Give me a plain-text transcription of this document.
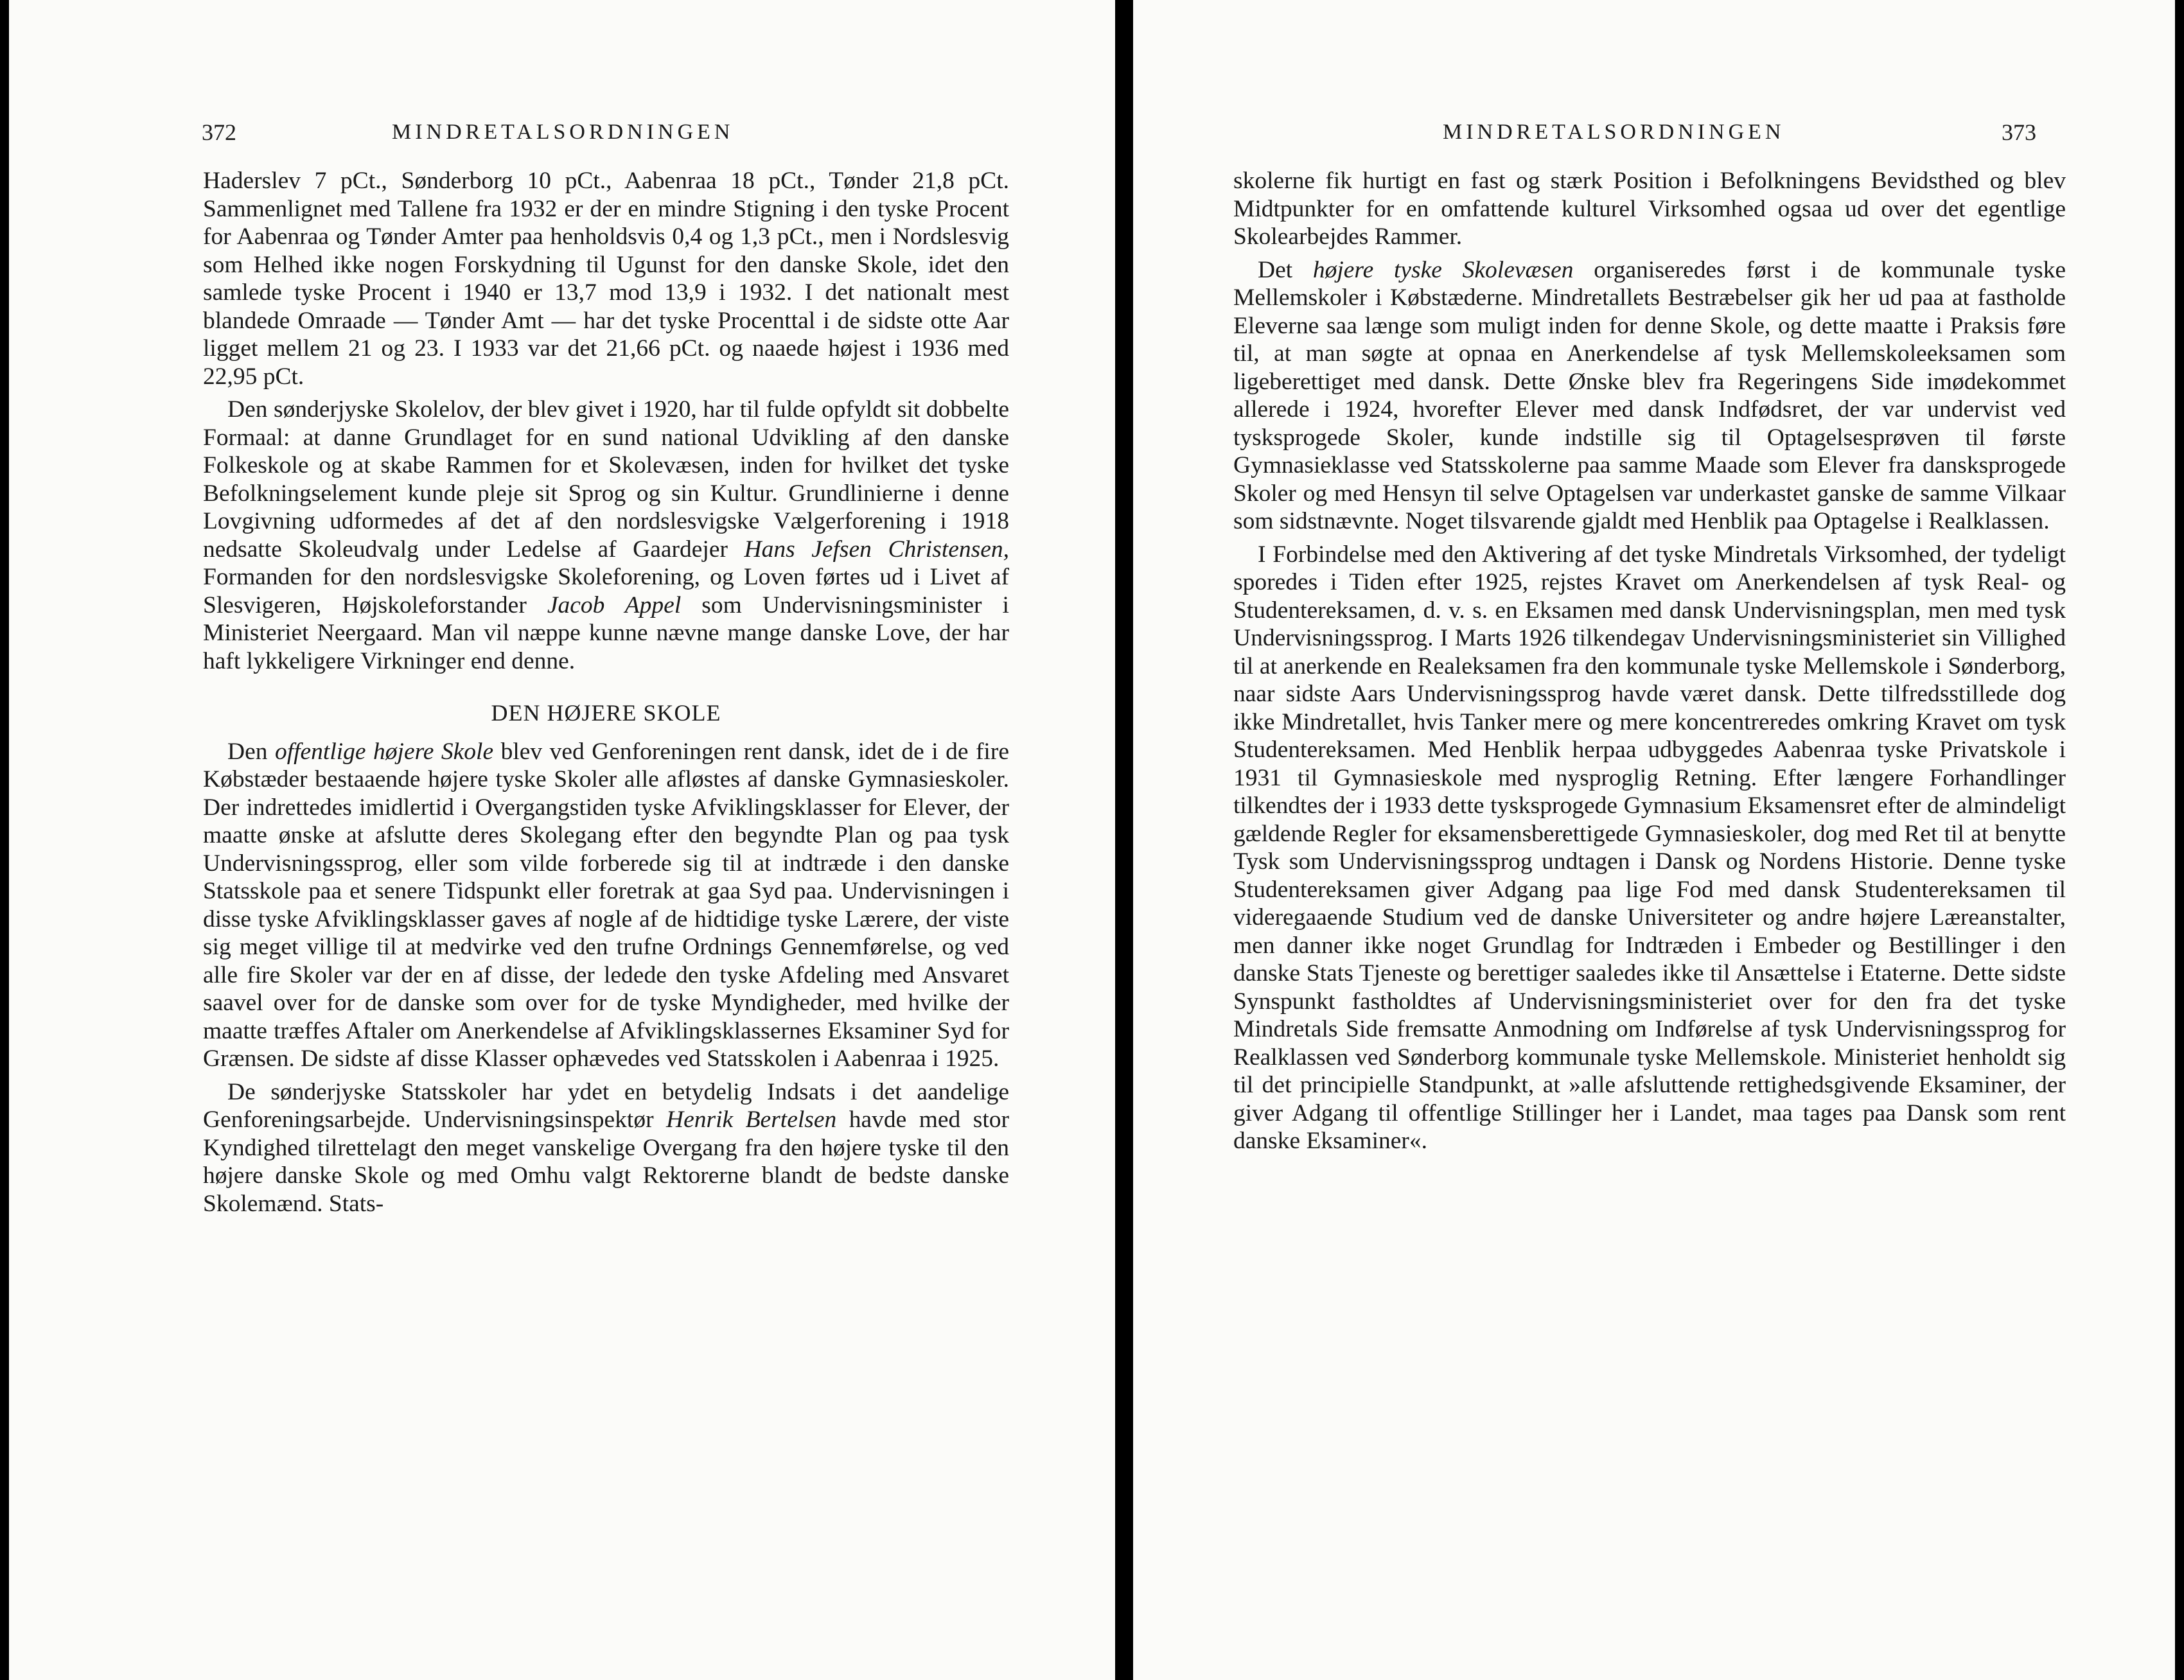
372	MINDRETALSORDNINGEN

Haderslev 7 pCt., Sønderborg 10 pCt., Aabenraa 18 pCt., Tønder 21,8 pCt. Sammenlignet med Tallene fra 1932 er der en mindre Stigning i den tyske Procent for Aabenraa og Tønder Amter paa henholdsvis 0,4 og 1,3 pCt., men i Nordslesvig som Helhed ikke nogen Forskydning til Ugunst for den danske Skole, idet den samlede tyske Procent i 1940 er 13,7 mod 13,9 i 1932. I det nationalt mest blandede Omraade — Tønder Amt — har det tyske Procenttal i de sidste otte Aar ligget mellem 21 og 23. I 1933 var det 21,66 pCt. og naaede højest i 1936 med 22,95 pCt.

Den sønderjyske Skolelov, der blev givet i 1920, har til fulde opfyldt sit dobbelte Formaal: at danne Grundlaget for en sund national Udvikling af den danske Folkeskole og at skabe Rammen for et Skolevæsen, inden for hvilket det tyske Befolkningselement kunde pleje sit Sprog og sin Kultur. Grundlinierne i denne Lovgivning udformedes af det af den nordslesvigske Vælgerforening i 1918 nedsatte Skoleudvalg under Ledelse af Gaardejer Hans Jefsen Christensen, Formanden for den nordslesvigske Skoleforening, og Loven førtes ud i Livet af Slesvigeren, Højskoleforstander Jacob Appel som Undervisningsminister i Ministeriet Neergaard. Man vil næppe kunne nævne mange danske Love, der har haft lykkeligere Virkninger end denne.

DEN HØJERE SKOLE

Den offentlige højere Skole blev ved Genforeningen rent dansk, idet de i de fire Købstæder bestaaende højere tyske Skoler alle afløstes af danske Gymnasieskoler. Der indrettedes imidlertid i Overgangstiden tyske Afviklingsklasser for Elever, der maatte ønske at afslutte deres Skolegang efter den begyndte Plan og paa tysk Undervisningssprog, eller som vilde forberede sig til at indtræde i den danske Statsskole paa et senere Tidspunkt eller foretrak at gaa Syd paa. Undervisningen i disse tyske Afviklingsklasser gaves af nogle af de hidtidige tyske Lærere, der viste sig meget villige til at medvirke ved den trufne Ordnings Gennemførelse, og ved alle fire Skoler var der en af disse, der ledede den tyske Afdeling med Ansvaret saavel over for de danske som over for de tyske Myndigheder, med hvilke der maatte træffes Aftaler om Anerkendelse af Afviklingsklassernes Eksaminer Syd for Grænsen. De sidste af disse Klasser ophævedes ved Statsskolen i Aabenraa i 1925.

De sønderjyske Statsskoler har ydet en betydelig Indsats i det aandelige Genforeningsarbejde. Undervisningsinspektør Henrik Bertelsen havde med stor Kyndighed tilrettelagt den meget vanskelige Overgang fra den højere tyske til den højere danske Skole og med Omhu valgt Rektorerne blandt de bedste danske Skolemænd. Stats-

MINDRETALSORDNINGEN	373

skolerne fik hurtigt en fast og stærk Position i Befolkningens Bevidsthed og blev Midtpunkter for en omfattende kulturel Virksomhed ogsaa ud over det egentlige Skolearbejdes Rammer.

Det højere tyske Skolevæsen organiseredes først i de kommunale tyske Mellemskoler i Købstæderne. Mindretallets Bestræbelser gik her ud paa at fastholde Eleverne saa længe som muligt inden for denne Skole, og dette maatte i Praksis føre til, at man søgte at opnaa en Anerkendelse af tysk Mellemskoleeksamen som ligeberettiget med dansk. Dette Ønske blev fra Regeringens Side imødekommet allerede i 1924, hvorefter Elever med dansk Indfødsret, der var undervist ved tysksprogede Skoler, kunde indstille sig til Optagelsesprøven til første Gymnasieklasse ved Statsskolerne paa samme Maade som Elever fra dansksprogede Skoler og med Hensyn til selve Optagelsen var underkastet ganske de samme Vilkaar som sidstnævnte. Noget tilsvarende gjaldt med Henblik paa Optagelse i Realklassen.

I Forbindelse med den Aktivering af det tyske Mindretals Virksomhed, der tydeligt sporedes i Tiden efter 1925, rejstes Kravet om Anerkendelsen af tysk Real- og Studentereksamen, d. v. s. en Eksamen med dansk Undervisningsplan, men med tysk Undervisningssprog. I Marts 1926 tilkendegav Undervisningsministeriet sin Villighed til at anerkende en Realeksamen fra den kommunale tyske Mellemskole i Sønderborg, naar sidste Aars Undervisningssprog havde været dansk. Dette tilfredsstillede dog ikke Mindretallet, hvis Tanker mere og mere koncentreredes omkring Kravet om tysk Studentereksamen. Med Henblik herpaa udbyggedes Aabenraa tyske Privatskole i 1931 til Gymnasieskole med nysproglig Retning. Efter længere Forhandlinger tilkendtes der i 1933 dette tysksprogede Gymnasium Eksamensret efter de almindeligt gældende Regler for eksamensberettigede Gymnasieskoler, dog med Ret til at benytte Tysk som Undervisningssprog undtagen i Dansk og Nordens Historie. Denne tyske Studentereksamen giver Adgang paa lige Fod med dansk Studentereksamen til videregaaende Studium ved de danske Universiteter og andre højere Læreanstalter, men danner ikke noget Grundlag for Indtræden i Embeder og Bestillinger i den danske Stats Tjeneste og berettiger saaledes ikke til Ansættelse i Etaterne. Dette sidste Synspunkt fastholdtes af Undervisningsministeriet over for den fra det tyske Mindretals Side fremsatte Anmodning om Indførelse af tysk Undervisningssprog for Realklassen ved Sønderborg kommunale tyske Mellemskole. Ministeriet henholdt sig til det principielle Standpunkt, at »alle afsluttende rettighedsgivende Eksaminer, der giver Adgang til offentlige Stillinger her i Landet, maa tages paa Dansk som rent danske Eksaminer«.
